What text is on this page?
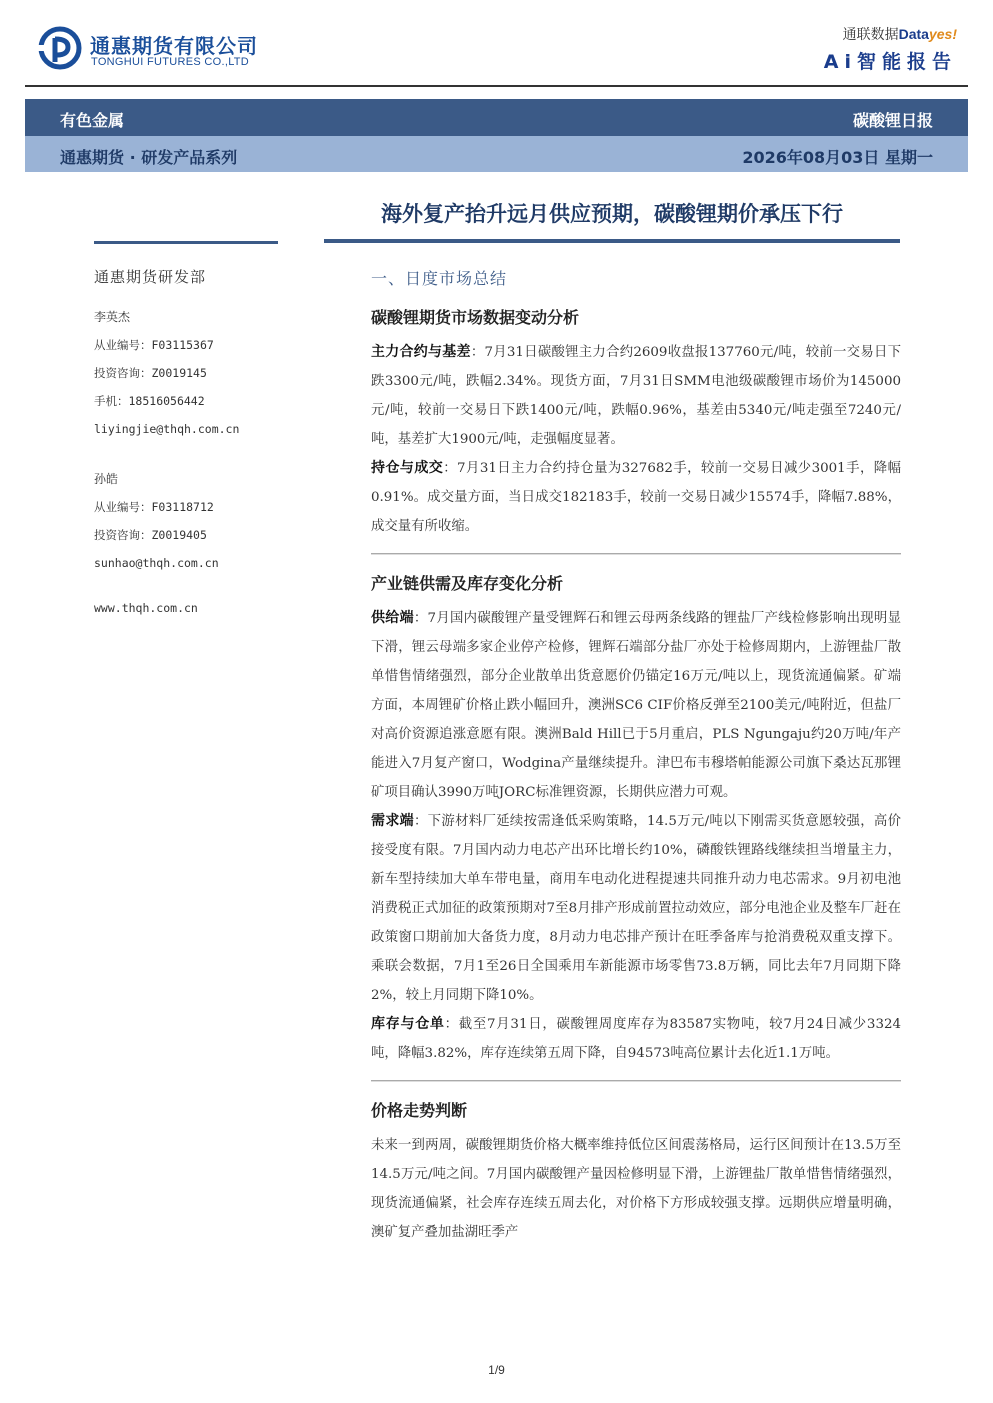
通惠期货有限公司
TONGHUI FUTURES CO.,LTD
通联数据Datayes!
Ai智能报告
有色金属	碳酸锂日报
通惠期货 · 研发产品系列	2026年08月03日 星期一
海外复产抬升远月供应预期，碳酸锂期价承压下行
通惠期货研发部
李英杰
从业编号：F03115367
投资咨询：Z0019145
手机：18516056442
liyingjie@thqh.com.cn
孙皓
从业编号：F03118712
投资咨询：Z0019405
sunhao@thqh.com.cn
www.thqh.com.cn
一、日度市场总结
碳酸锂期货市场数据变动分析
主力合约与基差：7月31日碳酸锂主力合约2609收盘报137760元/吨，较前一交易日下跌3300元/吨，跌幅2.34%。现货方面，7月31日SMM电池级碳酸锂市场价为145000元/吨，较前一交易日下跌1400元/吨，跌幅0.96%，基差由5340元/吨走强至7240元/吨，基差扩大1900元/吨，走强幅度显著。
持仓与成交：7月31日主力合约持仓量为327682手，较前一交易日减少3001手，降幅0.91%。成交量方面，当日成交182183手，较前一交易日减少15574手，降幅7.88%，成交量有所收缩。
产业链供需及库存变化分析
供给端：7月国内碳酸锂产量受锂辉石和锂云母两条线路的锂盐厂产线检修影响出现明显下滑，锂云母端多家企业停产检修，锂辉石端部分盐厂亦处于检修周期内，上游锂盐厂散单惜售情绪强烈，部分企业散单出货意愿价仍锚定16万元/吨以上，现货流通偏紧。矿端方面，本周锂矿价格止跌小幅回升，澳洲SC6 CIF价格反弹至2100美元/吨附近，但盐厂对高价资源追涨意愿有限。澳洲Bald Hill已于5月重启，PLS Ngungaju约20万吨/年产能进入7月复产窗口，Wodgina产量继续提升。津巴布韦穆塔帕能源公司旗下桑达瓦那锂矿项目确认3990万吨JORC标准锂资源，长期供应潜力可观。
需求端：下游材料厂延续按需逢低采购策略，14.5万元/吨以下刚需买货意愿较强，高价接受度有限。7月国内动力电芯产出环比增长约10%，磷酸铁锂路线继续担当增量主力，新车型持续加大单车带电量，商用车电动化进程提速共同推升动力电芯需求。9月初电池消费税正式加征的政策预期对7至8月排产形成前置拉动效应，部分电池企业及整车厂赶在政策窗口期前加大备货力度，8月动力电芯排产预计在旺季备库与抢消费税双重支撑下。乘联会数据，7月1至26日全国乘用车新能源市场零售73.8万辆，同比去年7月同期下降2%，较上月同期下降10%。
库存与仓单：截至7月31日，碳酸锂周度库存为83587实物吨，较7月24日减少3324吨，降幅3.82%，库存连续第五周下降，自94573吨高位累计去化近1.1万吨。
价格走势判断
未来一到两周，碳酸锂期货价格大概率维持低位区间震荡格局，运行区间预计在13.5万至14.5万元/吨之间。7月国内碳酸锂产量因检修明显下滑，上游锂盐厂散单惜售情绪强烈，现货流通偏紧，社会库存连续五周去化，对价格下方形成较强支撑。远期供应增量明确，澳矿复产叠加盐湖旺季产
1/9
